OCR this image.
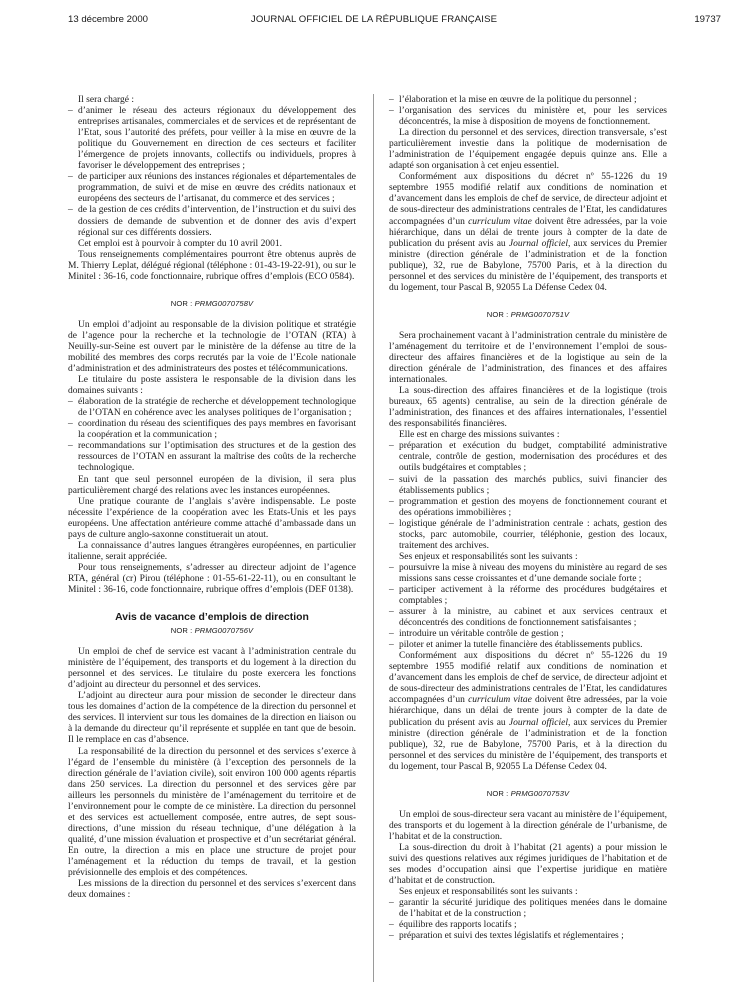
13 décembre 2000	JOURNAL OFFICIEL DE LA RÉPUBLIQUE FRANÇAISE	19737

Il sera chargé :

– d’animer le réseau des acteurs régionaux du développement des entreprises artisanales, commerciales et de services et de représentant de l’Etat, sous l’autorité des préfets, pour veiller à la mise en œuvre de la politique du Gouvernement en direction de ces secteurs et faciliter l’émergence de projets innovants, collectifs ou individuels, propres à favoriser le développement des entreprises ;
– de participer aux réunions des instances régionales et départementales de programmation, de suivi et de mise en œuvre des crédits nationaux et européens des secteurs de l’artisanat, du commerce et des services ;
– de la gestion de ces crédits d’intervention, de l’instruction et du suivi des dossiers de demande de subvention et de donner des avis d’expert régional sur ces différents dossiers.

Cet emploi est à pourvoir à compter du 10 avril 2001.

Tous renseignements complémentaires pourront être obtenus auprès de M. Thierry Leplat, délégué régional (téléphone : 01-43-19-22-91), ou sur le Minitel : 36-16, code fonctionnaire, rubrique offres d’emplois (ECO 0584).

NOR : PRMG0070758V

Un emploi d’adjoint au responsable de la division politique et stratégie de l’agence pour la recherche et la technologie de l’OTAN (RTA) à Neuilly-sur-Seine est ouvert par le ministère de la défense au titre de la mobilité des membres des corps recrutés par la voie de l’Ecole nationale d’administration et des administrateurs des postes et télécommunications.

Le titulaire du poste assistera le responsable de la division dans les domaines suivants :

– élaboration de la stratégie de recherche et développement technologique de l’OTAN en cohérence avec les analyses politiques de l’organisation ;
– coordination du réseau des scientifiques des pays membres en favorisant la coopération et la communication ;
– recommandations sur l’optimisation des structures et de la gestion des ressources de l’OTAN en assurant la maîtrise des coûts de la recherche technologique.

En tant que seul personnel européen de la division, il sera plus particulièrement chargé des relations avec les instances européennes.

Une pratique courante de l’anglais s’avère indispensable. Le poste nécessite l’expérience de la coopération avec les Etats-Unis et les pays européens. Une affectation antérieure comme attaché d’ambassade dans un pays de culture anglo-saxonne constituerait un atout.

La connaissance d’autres langues étrangères européennes, en particulier italienne, serait appréciée.

Pour tous renseignements, s’adresser au directeur adjoint de l’agence RTA, général (cr) Pirou (téléphone : 01-55-61-22-11), ou en consultant le Minitel : 36-16, code fonctionnaire, rubrique offres d’emplois (DEF 0138).

Avis de vacance d’emplois de direction
NOR : PRMG0070756V

Un emploi de chef de service est vacant à l’administration centrale du ministère de l’équipement, des transports et du logement à la direction du personnel et des services. Le titulaire du poste exercera les fonctions d’adjoint au directeur du personnel et des services.

L’adjoint au directeur aura pour mission de seconder le directeur dans tous les domaines d’action de la compétence de la direction du personnel et des services. Il intervient sur tous les domaines de la direction en liaison ou à la demande du directeur qu’il représente et supplée en tant que de besoin. Il le remplace en cas d’absence.

La responsabilité de la direction du personnel et des services s’exerce à l’égard de l’ensemble du ministère (à l’exception des personnels de la direction générale de l’aviation civile), soit environ 100 000 agents répartis dans 250 services. La direction du personnel et des services gère par ailleurs les personnels du ministère de l’aménagement du territoire et de l’environnement pour le compte de ce ministère. La direction du personnel et des services est actuellement composée, entre autres, de sept sous-directions, d’une mission du réseau technique, d’une délégation à la qualité, d’une mission évaluation et prospective et d’un secrétariat général. En outre, la direction a mis en place une structure de projet pour l’aménagement et la réduction du temps de travail, et la gestion prévisionnelle des emplois et des compétences.

Les missions de la direction du personnel et des services s’exercent dans deux domaines :

– l’élaboration et la mise en œuvre de la politique du personnel ;
– l’organisation des services du ministère et, pour les services déconcentrés, la mise à disposition de moyens de fonctionnement.

La direction du personnel et des services, direction transversale, s’est particulièrement investie dans la politique de modernisation de l’administration de l’équipement engagée depuis quinze ans. Elle a adapté son organisation à cet enjeu essentiel.

Conformément aux dispositions du décret nº 55-1226 du 19 septembre 1955 modifié relatif aux conditions de nomination et d’avancement dans les emplois de chef de service, de directeur adjoint et de sous-directeur des administrations centrales de l’Etat, les candidatures accompagnées d’un curriculum vitae doivent être adressées, par la voie hiérarchique, dans un délai de trente jours à compter de la date de publication du présent avis au Journal officiel, aux services du Premier ministre (direction générale de l’administration et de la fonction publique), 32, rue de Babylone, 75700 Paris, et à la direction du personnel et des services du ministère de l’équipement, des transports et du logement, tour Pascal B, 92055 La Défense Cedex 04.

NOR : PRMG0070751V

Sera prochainement vacant à l’administration centrale du ministère de l’aménagement du territoire et de l’environnement l’emploi de sous-directeur des affaires financières et de la logistique au sein de la direction générale de l’administration, des finances et des affaires internationales.

La sous-direction des affaires financières et de la logistique (trois bureaux, 65 agents) centralise, au sein de la direction générale de l’administration, des finances et des affaires internationales, l’essentiel des responsabilités financières.

Elle est en charge des missions suivantes :

– préparation et exécution du budget, comptabilité administrative centrale, contrôle de gestion, modernisation des procédures et des outils budgétaires et comptables ;
– suivi de la passation des marchés publics, suivi financier des établissements publics ;
– programmation et gestion des moyens de fonctionnement courant et des opérations immobilières ;
– logistique générale de l’administration centrale : achats, gestion des stocks, parc automobile, courrier, téléphonie, gestion des locaux, traitement des archives.

Ses enjeux et responsabilités sont les suivants :

– poursuivre la mise à niveau des moyens du ministère au regard de ses missions sans cesse croissantes et d’une demande sociale forte ;
– participer activement à la réforme des procédures budgétaires et comptables ;
– assurer à la ministre, au cabinet et aux services centraux et déconcentrés des conditions de fonctionnement satisfaisantes ;
– introduire un véritable contrôle de gestion ;
– piloter et animer la tutelle financière des établissements publics.

Conformément aux dispositions du décret nº 55-1226 du 19 septembre 1955 modifié relatif aux conditions de nomination et d’avancement dans les emplois de chef de service, de directeur adjoint et de sous-directeur des administrations centrales de l’Etat, les candidatures accompagnées d’un curriculum vitae doivent être adressées, par la voie hiérarchique, dans un délai de trente jours à compter de la date de publication du présent avis au Journal officiel, aux services du Premier ministre (direction générale de l’administration et de la fonction publique), 32, rue de Babylone, 75700 Paris, et à la direction du personnel et des services du ministère de l’équipement, des transports et du logement, tour Pascal B, 92055 La Défense Cedex 04.

NOR : PRMG0070753V

Un emploi de sous-directeur sera vacant au ministère de l’équipement, des transports et du logement à la direction générale de l’urbanisme, de l’habitat et de la construction.

La sous-direction du droit à l’habitat (21 agents) a pour mission le suivi des questions relatives aux régimes juridiques de l’habitation et de ses modes d’occupation ainsi que l’expertise juridique en matière d’habitat et de construction.

Ses enjeux et responsabilités sont les suivants :

– garantir la sécurité juridique des politiques menées dans le domaine de l’habitat et de la construction ;
– équilibre des rapports locatifs ;
– préparation et suivi des textes législatifs et réglementaires ;
